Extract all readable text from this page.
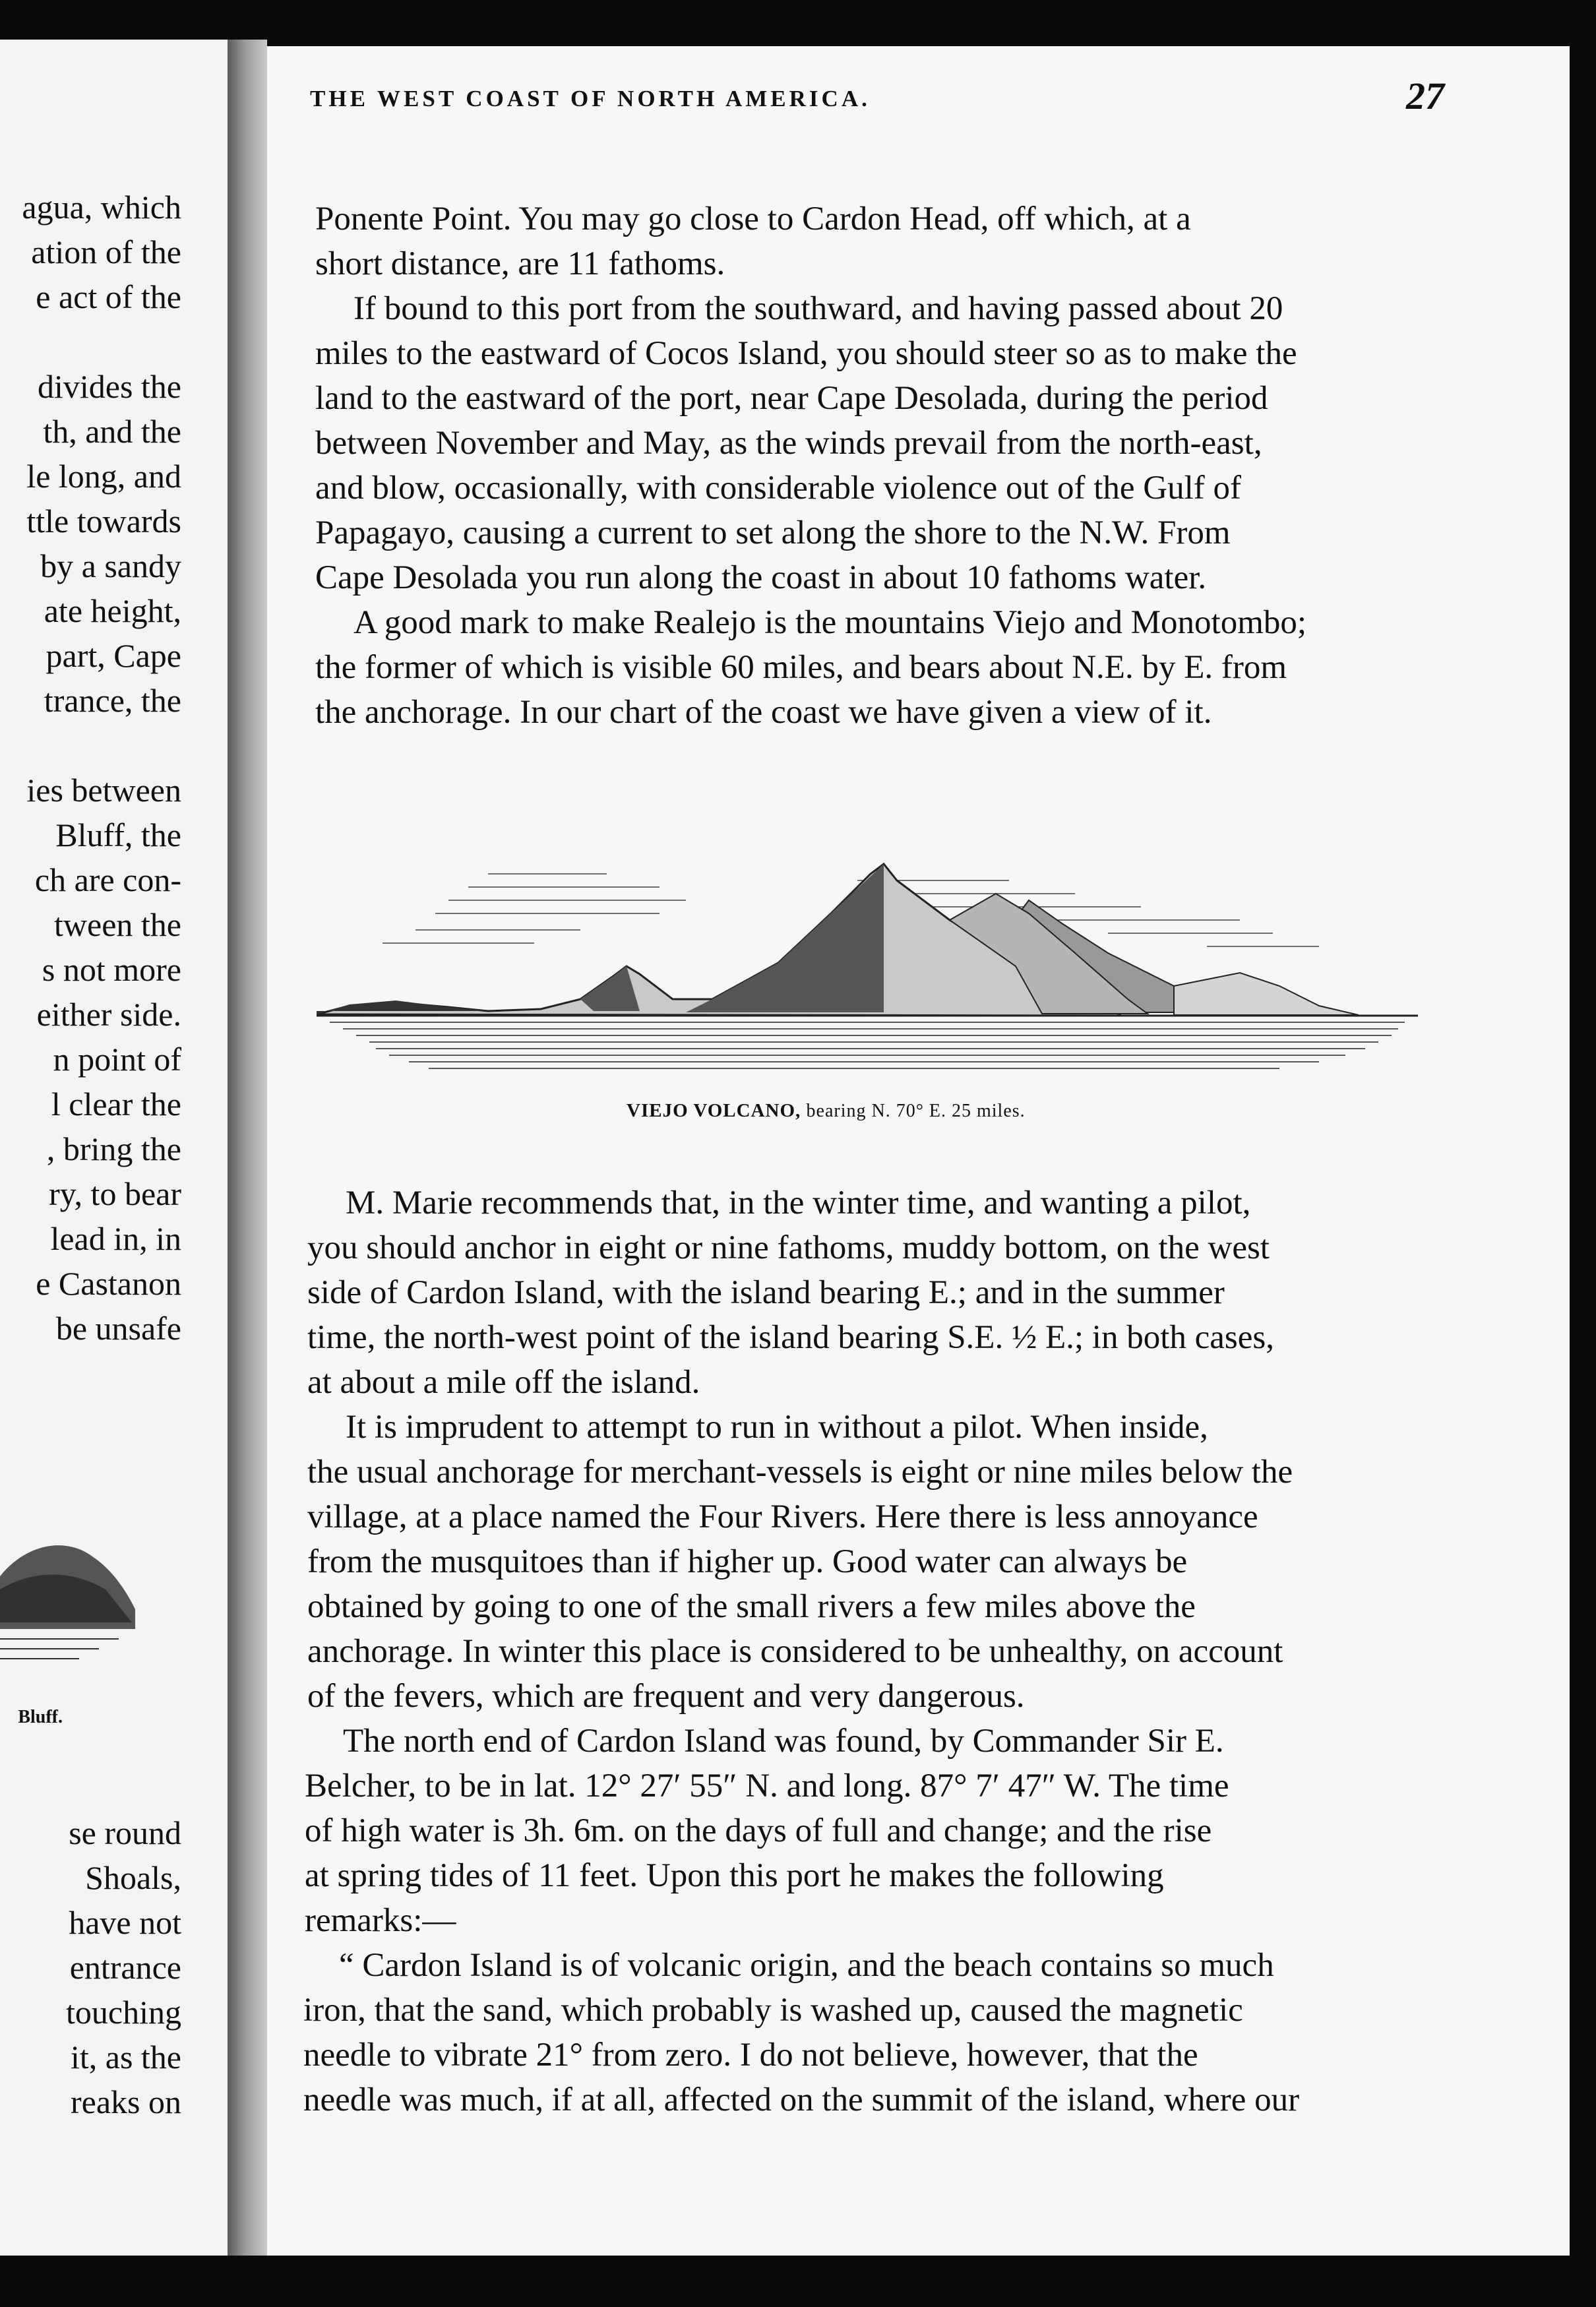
agua, which
ation of the
e act of the
divides the
th, and the
le long, and
ttle towards
by a sandy
ate height,
part, Cape
trance, the
ies between
Bluff, the
ch are con-
tween the
s not more
either side.
n point of
l clear the
, bring the
ry, to bear
lead in, in
e Castanon
be unsafe
Bluff.
se round
Shoals,
have not
entrance
touching
it, as the
reaks on
THE WEST COAST OF NORTH AMERICA.	27
Ponente Point. You may go close to Cardon Head, off which, at a
short distance, are 11 fathoms.
If bound to this port from the southward, and having passed about 20
miles to the eastward of Cocos Island, you should steer so as to make the
land to the eastward of the port, near Cape Desolada, during the period
between November and May, as the winds prevail from the north-east,
and blow, occasionally, with considerable violence out of the Gulf of
Papagayo, causing a current to set along the shore to the N.W. From
Cape Desolada you run along the coast in about 10 fathoms water.
A good mark to make Realejo is the mountains Viejo and Monotombo;
the former of which is visible 60 miles, and bears about N.E. by E. from
the anchorage. In our chart of the coast we have given a view of it.
VIEJO VOLCANO, bearing N. 70° E. 25 miles.
M. Marie recommends that, in the winter time, and wanting a pilot,
you should anchor in eight or nine fathoms, muddy bottom, on the west
side of Cardon Island, with the island bearing E.; and in the summer
time, the north-west point of the island bearing S.E. ½ E.; in both cases,
at about a mile off the island.
It is imprudent to attempt to run in without a pilot. When inside,
the usual anchorage for merchant-vessels is eight or nine miles below the
village, at a place named the Four Rivers. Here there is less annoyance
from the musquitoes than if higher up. Good water can always be
obtained by going to one of the small rivers a few miles above the
anchorage. In winter this place is considered to be unhealthy, on account
of the fevers, which are frequent and very dangerous.
The north end of Cardon Island was found, by Commander Sir E.
Belcher, to be in lat. 12° 27′ 55″ N. and long. 87° 7′ 47″ W. The time
of high water is 3h. 6m. on the days of full and change; and the rise
at spring tides of 11 feet. Upon this port he makes the following
remarks:—
“ Cardon Island is of volcanic origin, and the beach contains so much
iron, that the sand, which probably is washed up, caused the magnetic
needle to vibrate 21° from zero. I do not believe, however, that the
needle was much, if at all, affected on the summit of the island, where our
